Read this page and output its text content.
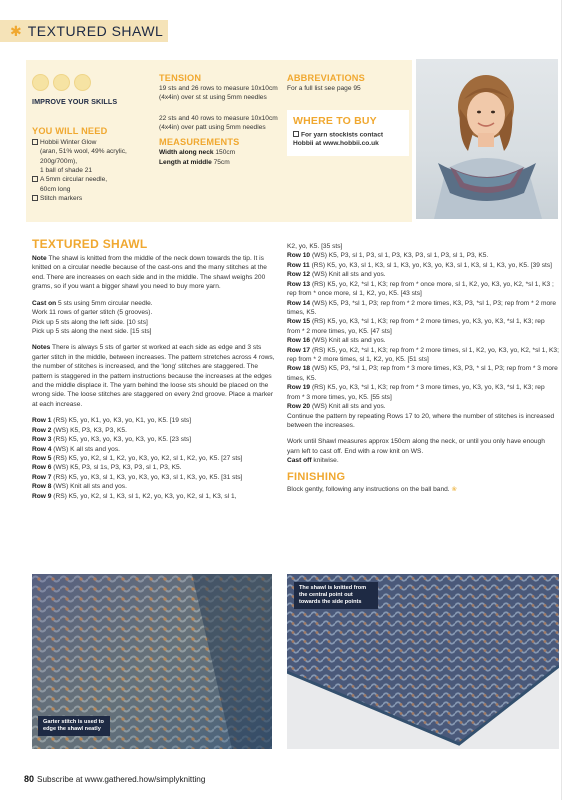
✱ TEXTURED SHAWL
IMPROVE YOUR SKILLS
YOU WILL NEED
Hobbii Winter Glow
(aran, 51% wool, 49% acrylic,
200g/700m),
1 ball of shade 21
A 5mm circular needle,
60cm long
Stitch markers
TENSION
19 sts and 26 rows to measure 10x10cm (4x4in) over st st using 5mm needles
22 sts and 40 rows to measure 10x10cm (4x4in) over patt using 5mm needles
MEASUREMENTS
Width along neck 150cm
Length at middle 75cm
ABBREVIATIONS
For a full list see page 95
WHERE TO BUY
For yarn stockists contact Hobbii at www.hobbii.co.uk
TEXTURED SHAWL

Note The shawl is knitted from the middle of the neck down towards the tip. It is knitted on a circular needle because of the cast-ons and the many stitches at the end. There are increases on each side and in the middle. The shawl weighs 200 grams, so if you want a bigger shawl you need to buy more yarn.

Cast on 5 sts using 5mm circular needle.

Work 11 rows of garter stitch (5 grooves).

Pick up 5 sts along the left side. [10 sts]

Pick up 5 sts along the next side. [15 sts]

Notes There is always 5 sts of garter st worked at each side as edge and 3 sts garter stitch in the middle, between increases. The pattern stretches across 4 rows, the number of stitches is increased, and the 'long' stitches are staggered. The pattern is staggered in the pattern instructions because the increases at the edges and the middle displace it. The yarn behind the loose sts should be placed on the wrong side. The loose stitches are staggered on every 2nd groove. Place a marker at each increase.

Row 1 (RS) K5, yo, K1, yo, K3, yo, K1, yo, K5. [19 sts]

Row 2 (WS) K5, P3, K3, P3, K5.

Row 3 (RS) K5, yo, K3, yo, K3, yo, K3, yo, K5. [23 sts]

Row 4 (WS) K all sts and yos.

Row 5 (RS) K5, yo, K2, sl 1, K2, yo, K3, yo, K2, sl 1, K2, yo, K5. [27 sts]

Row 6 (WS) K5, P3, sl 1s, P3, K3, P3, sl 1, P3, K5.

Row 7 (RS) K5, yo, K3, sl 1, K3, yo, K3, yo, K3, sl 1, K3, yo, K5. [31 sts]

Row 8 (WS) Knit all sts and yos.

Row 9 (RS) K5, yo, K2, sl 1, K3, sl 1, K2, yo, K3, yo, K2, sl 1, K3, sl 1,

K2, yo, K5. [35 sts]

Row 10 (WS) K5, P3, sl 1, P3, sl 1, P3, K3, P3, sl 1, P3, sl 1, P3, K5.

Row 11 (RS) K5, yo, K3, sl 1, K3, sl 1, K3, yo, K3, yo, K3, sl 1, K3, sl 1, K3, yo, K5. [39 sts]

Row 12 (WS) Knit all sts and yos.

Row 13 (RS) K5, yo, K2, *sl 1, K3; rep from * once more, sl 1, K2, yo, K3, yo, K2, *sl 1, K3 ; rep from * once more, sl 1, K2, yo, K5. [43 sts]

Row 14 (WS) K5, P3, *sl 1, P3; rep from * 2 more times, K3, P3, *sl 1, P3; rep from * 2 more times, K5.

Row 15 (RS) K5, yo, K3, *sl 1, K3; rep from * 2 more times, yo, K3, yo, K3, *sl 1, K3; rep from * 2 more times, yo, K5. [47 sts]

Row 16 (WS) Knit all sts and yos.

Row 17 (RS) K5, yo, K2, *sl 1, K3; rep from * 2 more times, sl 1, K2, yo, K3, yo, K2, *sl 1, K3; rep from * 2 more times, sl 1, K2, yo, K5. [51 sts]

Row 18 (WS) K5, P3, *sl 1, P3; rep from * 3 more times, K3, P3, * sl 1, P3; rep from * 3 more times, K5.

Row 19 (RS) K5, yo, K3, *sl 1, K3; rep from * 3 more times, yo, K3, yo, K3, *sl 1, K3; rep from * 3 more times, yo, K5. [55 sts]

Row 20 (WS) Knit all sts and yos.

Continue the pattern by repeating Rows 17 to 20, where the number of stitches is increased between the increases.

Work until Shawl measures approx 150cm along the neck, or until you only have enough yarn left to cast off. End with a row knit on WS.

Cast off knitwise.

FINISHING
Block gently, following any instructions on the ball band. ❀
Garter stitch is used to edge the shawl neatly
The shawl is knitted from the central point out towards the side points
80 Subscribe at www.gathered.how/simplyknitting	PassionForum.ru
